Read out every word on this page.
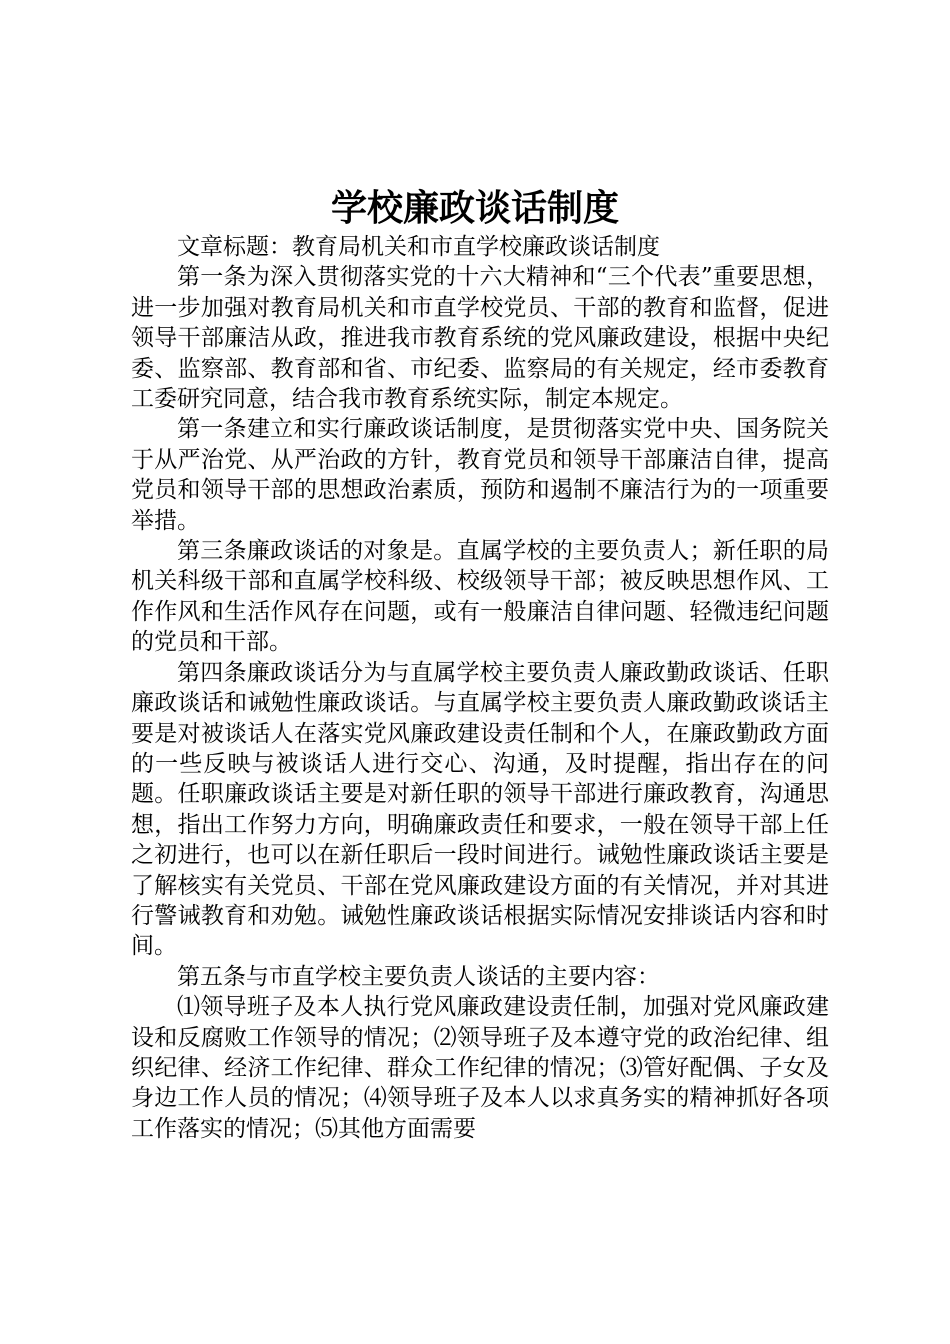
学校廉政谈话制度

文章标题：教育局机关和市直学校廉政谈话制度

第一条为深入贯彻落实党的十六大精神和“三个代表”重要思想，进一步加强对教育局机关和市直学校党员、干部的教育和监督，促进领导干部廉洁从政，推进我市教育系统的党风廉政建设，根据中央纪委、监察部、教育部和省、市纪委、监察局的有关规定，经市委教育工委研究同意，结合我市教育系统实际，制定本规定。

第一条建立和实行廉政谈话制度，是贯彻落实党中央、国务院关于从严治党、从严治政的方针，教育党员和领导干部廉洁自律，提高党员和领导干部的思想政治素质，预防和遏制不廉洁行为的一项重要举措。

第三条廉政谈话的对象是。直属学校的主要负责人；新任职的局机关科级干部和直属学校科级、校级领导干部；被反映思想作风、工作作风和生活作风存在问题，或有一般廉洁自律问题、轻微违纪问题的党员和干部。

第四条廉政谈话分为与直属学校主要负责人廉政勤政谈话、任职廉政谈话和诫勉性廉政谈话。与直属学校主要负责人廉政勤政谈话主要是对被谈话人在落实党风廉政建设责任制和个人，在廉政勤政方面的一些反映与被谈话人进行交心、沟通，及时提醒，指出存在的问题。任职廉政谈话主要是对新任职的领导干部进行廉政教育，沟通思想，指出工作努力方向，明确廉政责任和要求，一般在领导干部上任之初进行，也可以在新任职后一段时间进行。诫勉性廉政谈话主要是了解核实有关党员、干部在党风廉政建设方面的有关情况，并对其进行警诫教育和劝勉。诫勉性廉政谈话根据实际情况安排谈话内容和时间。

第五条与市直学校主要负责人谈话的主要内容：

⑴领导班子及本人执行党风廉政建设责任制，加强对党风廉政建设和反腐败工作领导的情况；⑵领导班子及本遵守党的政治纪律、组织纪律、经济工作纪律、群众工作纪律的情况；⑶管好配偶、子女及身边工作人员的情况；⑷领导班子及本人以求真务实的精神抓好各项工作落实的情况；⑸其他方面需要
